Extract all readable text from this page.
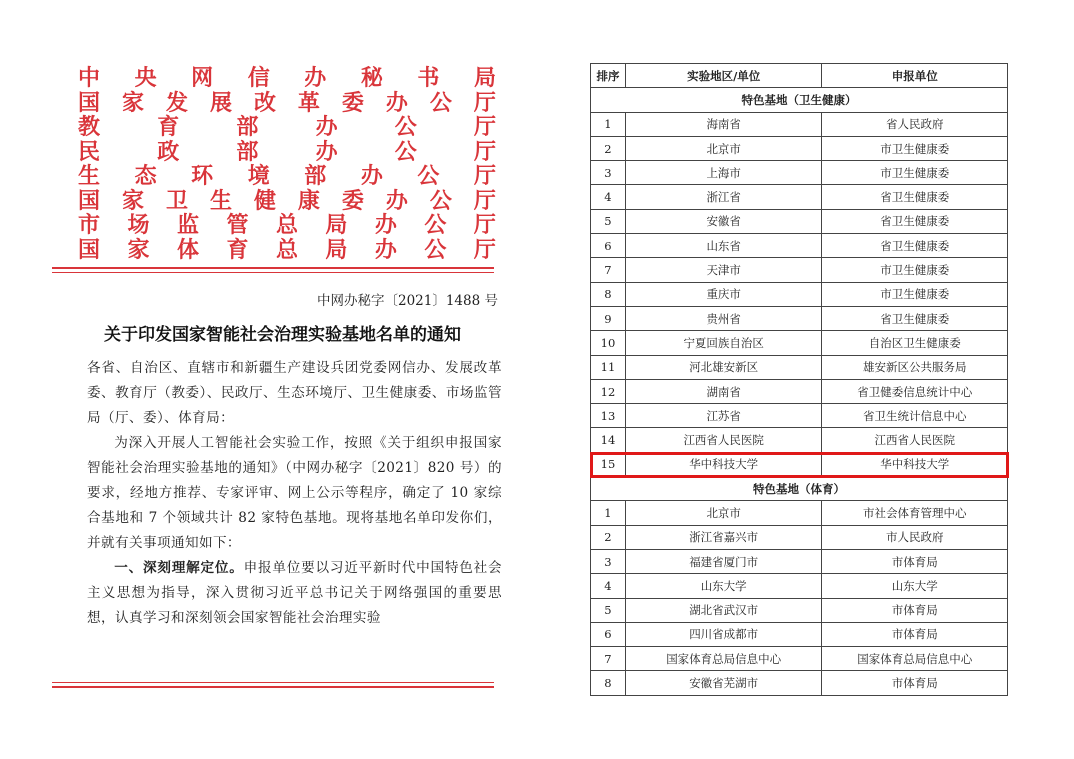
中 央 网 信 办 秘 书 局
国 家 发 展 改 革 委 办 公 厅
教	育	部	办	公	厅
民	政	部	办	公	厅
生 态 环 境 部 办 公 厅
国 家 卫 生 健 康 委 办 公 厅
市 场 监 管 总 局 办 公 厅
国 家 体 育 总 局 办 公 厅
中网办秘字〔2021〕1488 号
关于印发国家智能社会治理实验基地名单的通知

各省、自治区、直辖市和新疆生产建设兵团党委网信办、发展改革委、教育厅（教委）、民政厅、生态环境厅、卫生健康委、市场监管局（厅、委）、体育局：

为深入开展人工智能社会实验工作，按照《关于组织申报国家智能社会治理实验基地的通知》（中网办秘字〔2021〕820 号）的要求，经地方推荐、专家评审、网上公示等程序，确定了 10 家综合基地和 7 个领域共计 82 家特色基地。现将基地名单印发你们，并就有关事项通知如下：

一、深刻理解定位。申报单位要以习近平新时代中国特色社会主义思想为指导，深入贯彻习近平总书记关于网络强国的重要思想，认真学习和深刻领会国家智能社会治理实验

排序	实验地区/单位	申报单位
特色基地（卫生健康）		
1	海南省	省人民政府
2	北京市	市卫生健康委
3	上海市	市卫生健康委
4	浙江省	省卫生健康委
5	安徽省	省卫生健康委
6	山东省	省卫生健康委
7	天津市	市卫生健康委
8	重庆市	市卫生健康委
9	贵州省	省卫生健康委
10	宁夏回族自治区	自治区卫生健康委
11	河北雄安新区	雄安新区公共服务局
12	湖南省	省卫健委信息统计中心
13	江苏省	省卫生统计信息中心
14	江西省人民医院	江西省人民医院
15	华中科技大学	华中科技大学
特色基地（体育）		
1	北京市	市社会体育管理中心
2	浙江省嘉兴市	市人民政府
3	福建省厦门市	市体育局
4	山东大学	山东大学
5	湖北省武汉市	市体育局
6	四川省成都市	市体育局
7	国家体育总局信息中心	国家体育总局信息中心
8	安徽省芜湖市	市体育局
